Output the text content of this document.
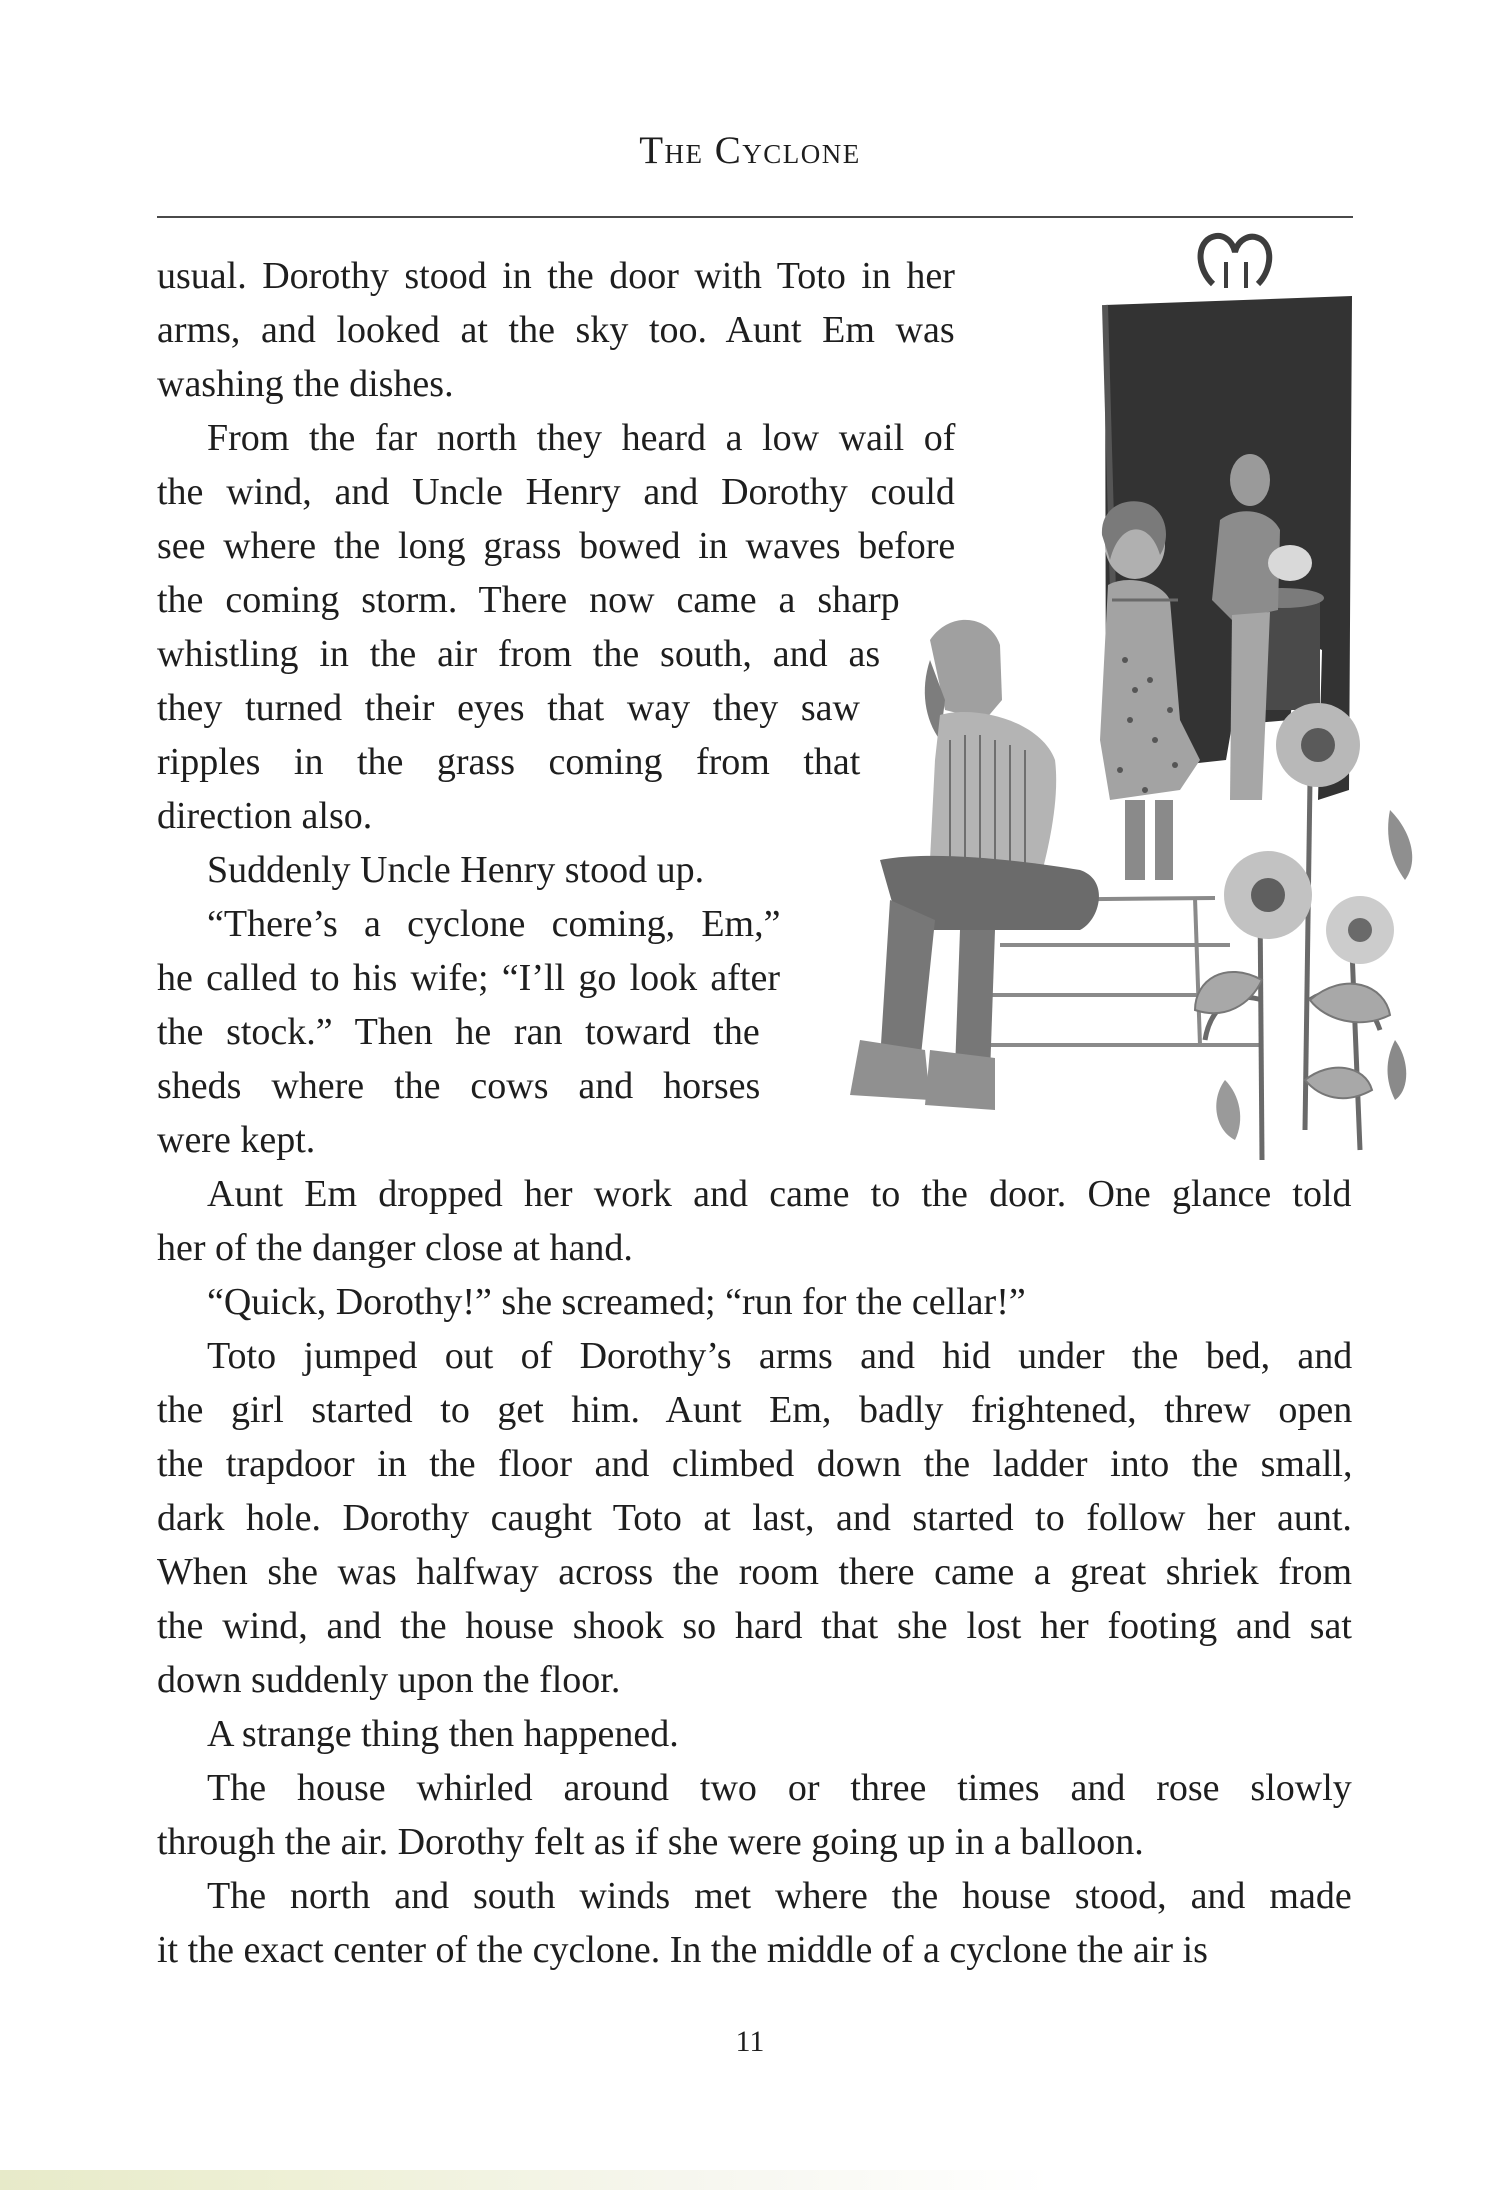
The Cyclone
usual. Dorothy stood in the door with Toto in her
arms, and looked at the sky too. Aunt Em was
washing the dishes.
From the far north they heard a low wail of
the wind, and Uncle Henry and Dorothy could
see where the long grass bowed in waves before
the coming storm. There now came a sharp
whistling in the air from the south, and as
they turned their eyes that way they saw
ripples in the grass coming from that
direction also.
Suddenly Uncle Henry stood up.
“There’s a cyclone coming, Em,”
he called to his wife; “I’ll go look after
the stock.” Then he ran toward the
sheds where the cows and horses
were kept.
Aunt Em dropped her work and came to the door. One glance told
her of the danger close at hand.
“Quick, Dorothy!” she screamed; “run for the cellar!”
Toto jumped out of Dorothy’s arms and hid under the bed, and
the girl started to get him. Aunt Em, badly frightened, threw open
the trapdoor in the floor and climbed down the ladder into the small,
dark hole. Dorothy caught Toto at last, and started to follow her aunt.
When she was halfway across the room there came a great shriek from
the wind, and the house shook so hard that she lost her footing and sat
down suddenly upon the floor.
A strange thing then happened.
The house whirled around two or three times and rose slowly
through the air. Dorothy felt as if she were going up in a balloon.
The north and south winds met where the house stood, and made
it the exact center of the cyclone. In the middle of a cyclone the air is
11
